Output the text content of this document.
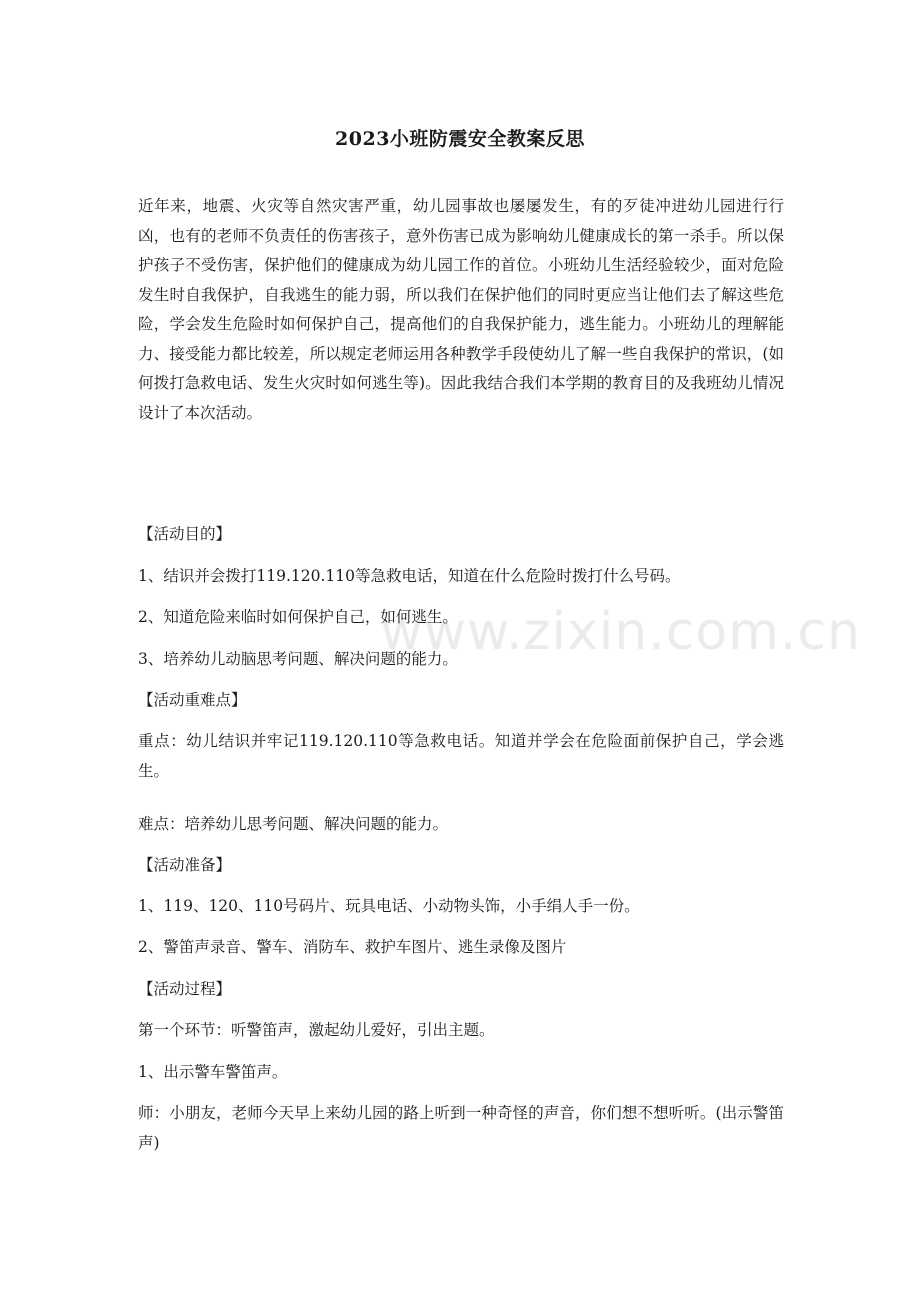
www.zixin.com.cn
2023小班防震安全教案反思
近年来，地震、火灾等自然灾害严重，幼儿园事故也屡屡发生，有的歹徒冲进幼儿园进行行凶，也有的老师不负责任的伤害孩子，意外伤害已成为影响幼儿健康成长的第一杀手。所以保护孩子不受伤害，保护他们的健康成为幼儿园工作的首位。小班幼儿生活经验较少，面对危险发生时自我保护，自我逃生的能力弱，所以我们在保护他们的同时更应当让他们去了解这些危险，学会发生危险时如何保护自己，提高他们的自我保护能力，逃生能力。小班幼儿的理解能力、接受能力都比较差，所以规定老师运用各种教学手段使幼儿了解一些自我保护的常识，(如何拨打急救电话、发生火灾时如何逃生等)。因此我结合我们本学期的教育目的及我班幼儿情况设计了本次活动。
【活动目的】
1、结识并会拨打119.120.110等急救电话，知道在什么危险时拨打什么号码。
2、知道危险来临时如何保护自己，如何逃生。
3、培养幼儿动脑思考问题、解决问题的能力。
【活动重难点】
重点：幼儿结识并牢记119.120.110等急救电话。知道并学会在危险面前保护自己，学会逃生。
难点：培养幼儿思考问题、解决问题的能力。
【活动准备】
1、119、120、110号码片、玩具电话、小动物头饰，小手绢人手一份。
2、警笛声录音、警车、消防车、救护车图片、逃生录像及图片
【活动过程】
第一个环节：听警笛声，激起幼儿爱好，引出主题。
1、出示警车警笛声。
师：小朋友，老师今天早上来幼儿园的路上听到一种奇怪的声音，你们想不想听听。(出示警笛声)
